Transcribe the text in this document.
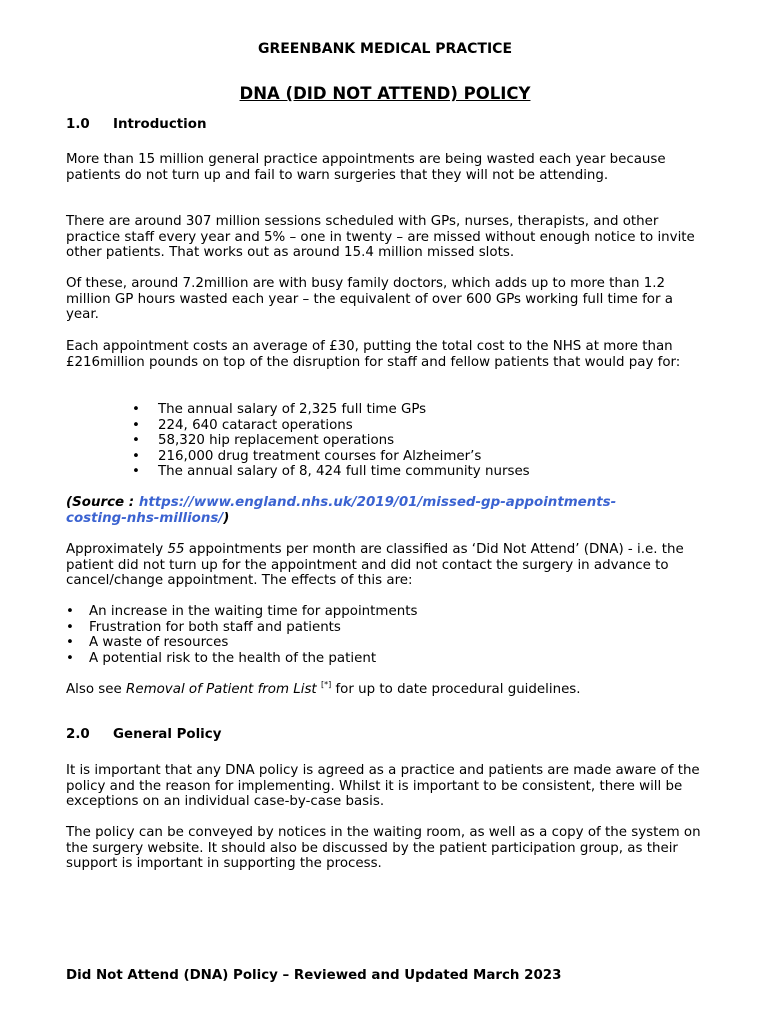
GREENBANK MEDICAL PRACTICE
DNA (DID NOT ATTEND) POLICY
1.0 Introduction

More than 15 million general practice appointments are being wasted each year because patients do not turn up and fail to warn surgeries that they will not be attending.

There are around 307 million sessions scheduled with GPs, nurses, therapists, and other practice staff every year and 5% – one in twenty – are missed without enough notice to invite other patients. That works out as around 15.4 million missed slots.

Of these, around 7.2million are with busy family doctors, which adds up to more than 1.2 million GP hours wasted each year – the equivalent of over 600 GPs working full time for a year.

Each appointment costs an average of £30, putting the total cost to the NHS at more than £216million pounds on top of the disruption for staff and fellow patients that would pay for:

• The annual salary of 2,325 full time GPs
• 224, 640 cataract operations
• 58,320 hip replacement operations
• 216,000 drug treatment courses for Alzheimer’s
• The annual salary of 8, 424 full time community nurses

(Source : https://www.england.nhs.uk/2019/01/missed-gp-appointments-costing-nhs-millions/)

Approximately 55 appointments per month are classified as ‘Did Not Attend’ (DNA) - i.e. the patient did not turn up for the appointment and did not contact the surgery in advance to cancel/change appointment. The effects of this are:

• An increase in the waiting time for appointments
• Frustration for both staff and patients
• A waste of resources
• A potential risk to the health of the patient

Also see Removal of Patient from List [*] for up to date procedural guidelines.

2.0 General Policy

It is important that any DNA policy is agreed as a practice and patients are made aware of the policy and the reason for implementing. Whilst it is important to be consistent, there will be exceptions on an individual case-by-case basis.

The policy can be conveyed by notices in the waiting room, as well as a copy of the system on the surgery website. It should also be discussed by the patient participation group, as their support is important in supporting the process.

Did Not Attend (DNA) Policy – Reviewed and Updated March 2023
